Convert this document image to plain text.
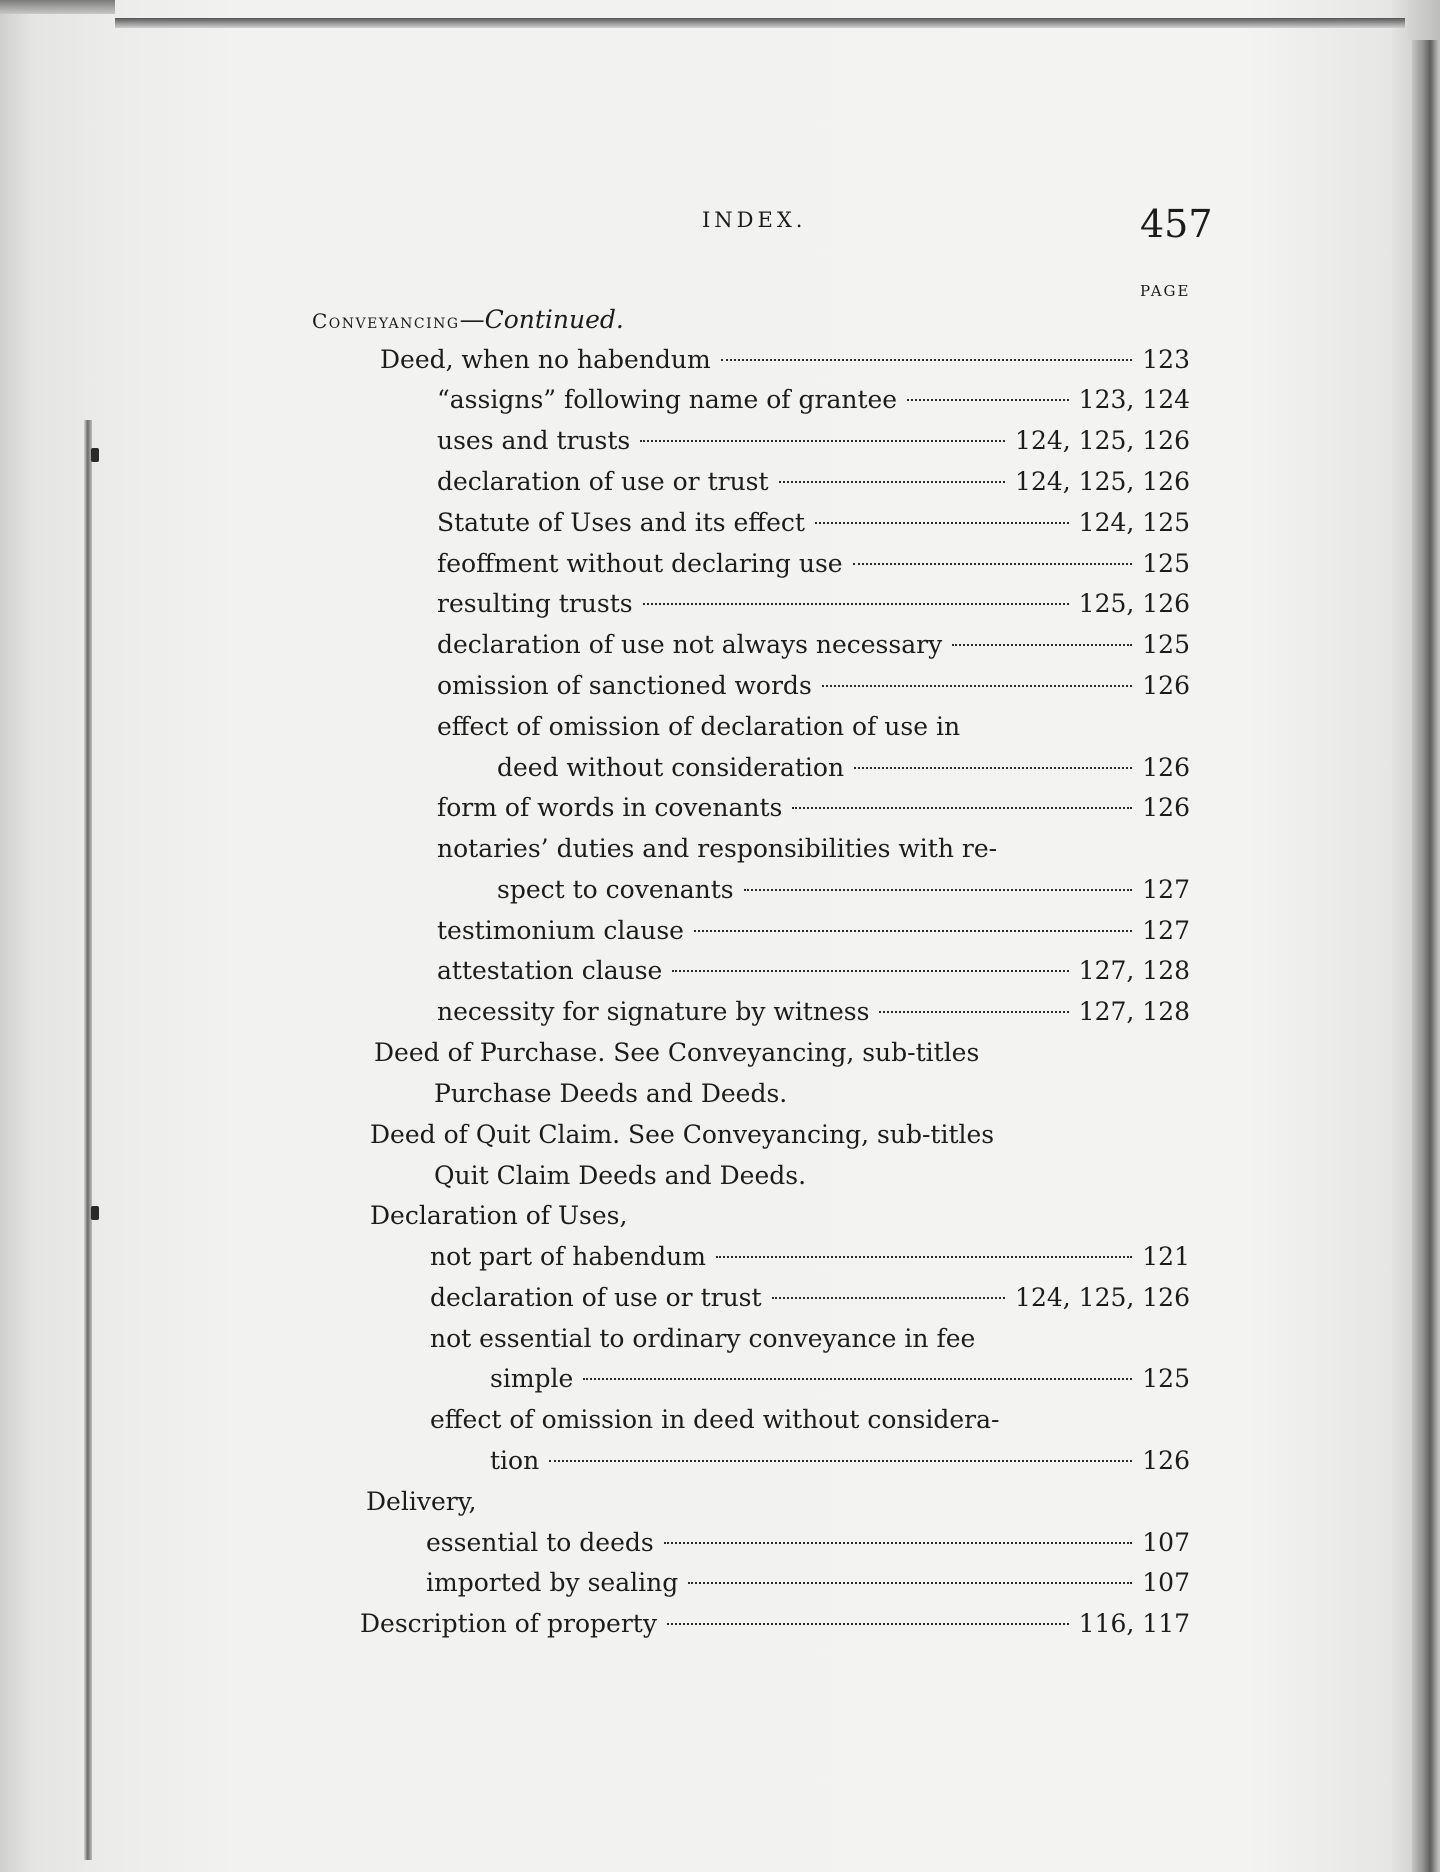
INDEX.	457
PAGE
Conveyancing—Continued.
Deed, when no habendum	123
“assigns” following name of grantee	123, 124
uses and trusts	124, 125, 126
declaration of use or trust	124, 125, 126
Statute of Uses and its effect	124, 125
feoffment without declaring use	125
resulting trusts	125, 126
declaration of use not always necessary	125
omission of sanctioned words	126
effect of omission of declaration of use in
deed without consideration	126
form of words in covenants	126
notaries’ duties and responsibilities with re-
spect to covenants	127
testimonium clause	127
attestation clause	127, 128
necessity for signature by witness	127, 128
Deed of Purchase. See Conveyancing, sub-titles
Purchase Deeds and Deeds.
Deed of Quit Claim. See Conveyancing, sub-titles
Quit Claim Deeds and Deeds.
Declaration of Uses,
not part of habendum	121
declaration of use or trust	124, 125, 126
not essential to ordinary conveyance in fee
simple	125
effect of omission in deed without considera-
tion	126
Delivery,
essential to deeds	107
imported by sealing	107
Description of property	116, 117
